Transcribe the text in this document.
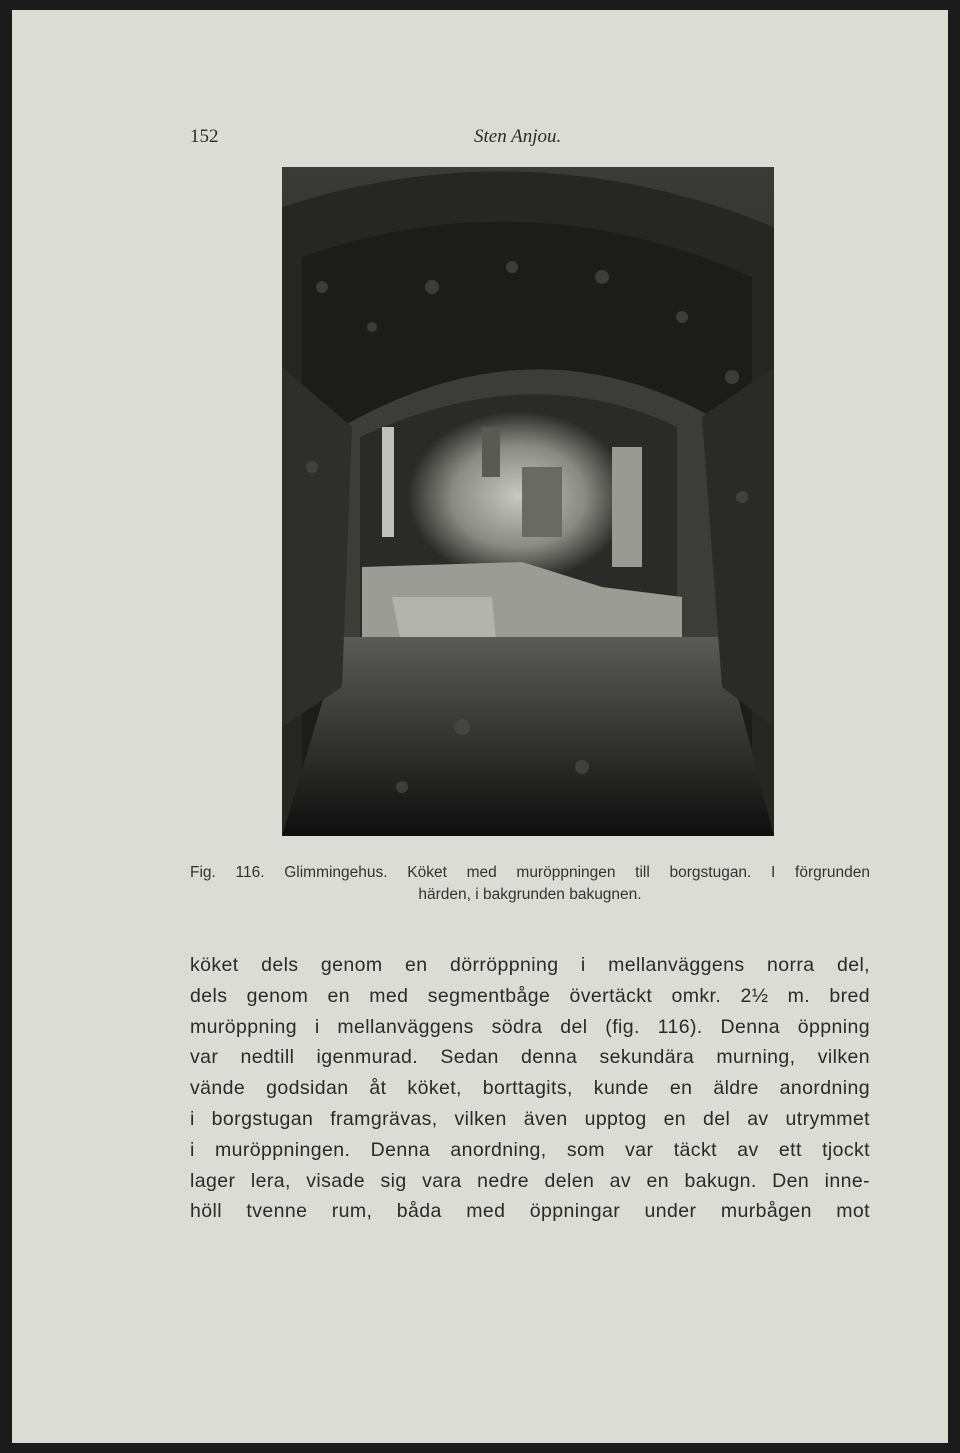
152	Sten Anjou.
Fig. 116. Glimmingehus. Köket med muröppningen till borgstugan. I förgrunden
härden, i bakgrunden bakugnen.
köket dels genom en dörröppning i mellanväggens norra del,
dels genom en med segmentbåge övertäckt omkr. 2½ m. bred
muröppning i mellanväggens södra del (fig. 116). Denna öppning
var nedtill igenmurad. Sedan denna sekundära murning, vilken
vände godsidan åt köket, borttagits, kunde en äldre anordning
i borgstugan framgrävas, vilken även upptog en del av utrymmet
i muröppningen. Denna anordning, som var täckt av ett tjockt
lager lera, visade sig vara nedre delen av en bakugn. Den inne-
höll tvenne rum, båda med öppningar under murbågen mot
